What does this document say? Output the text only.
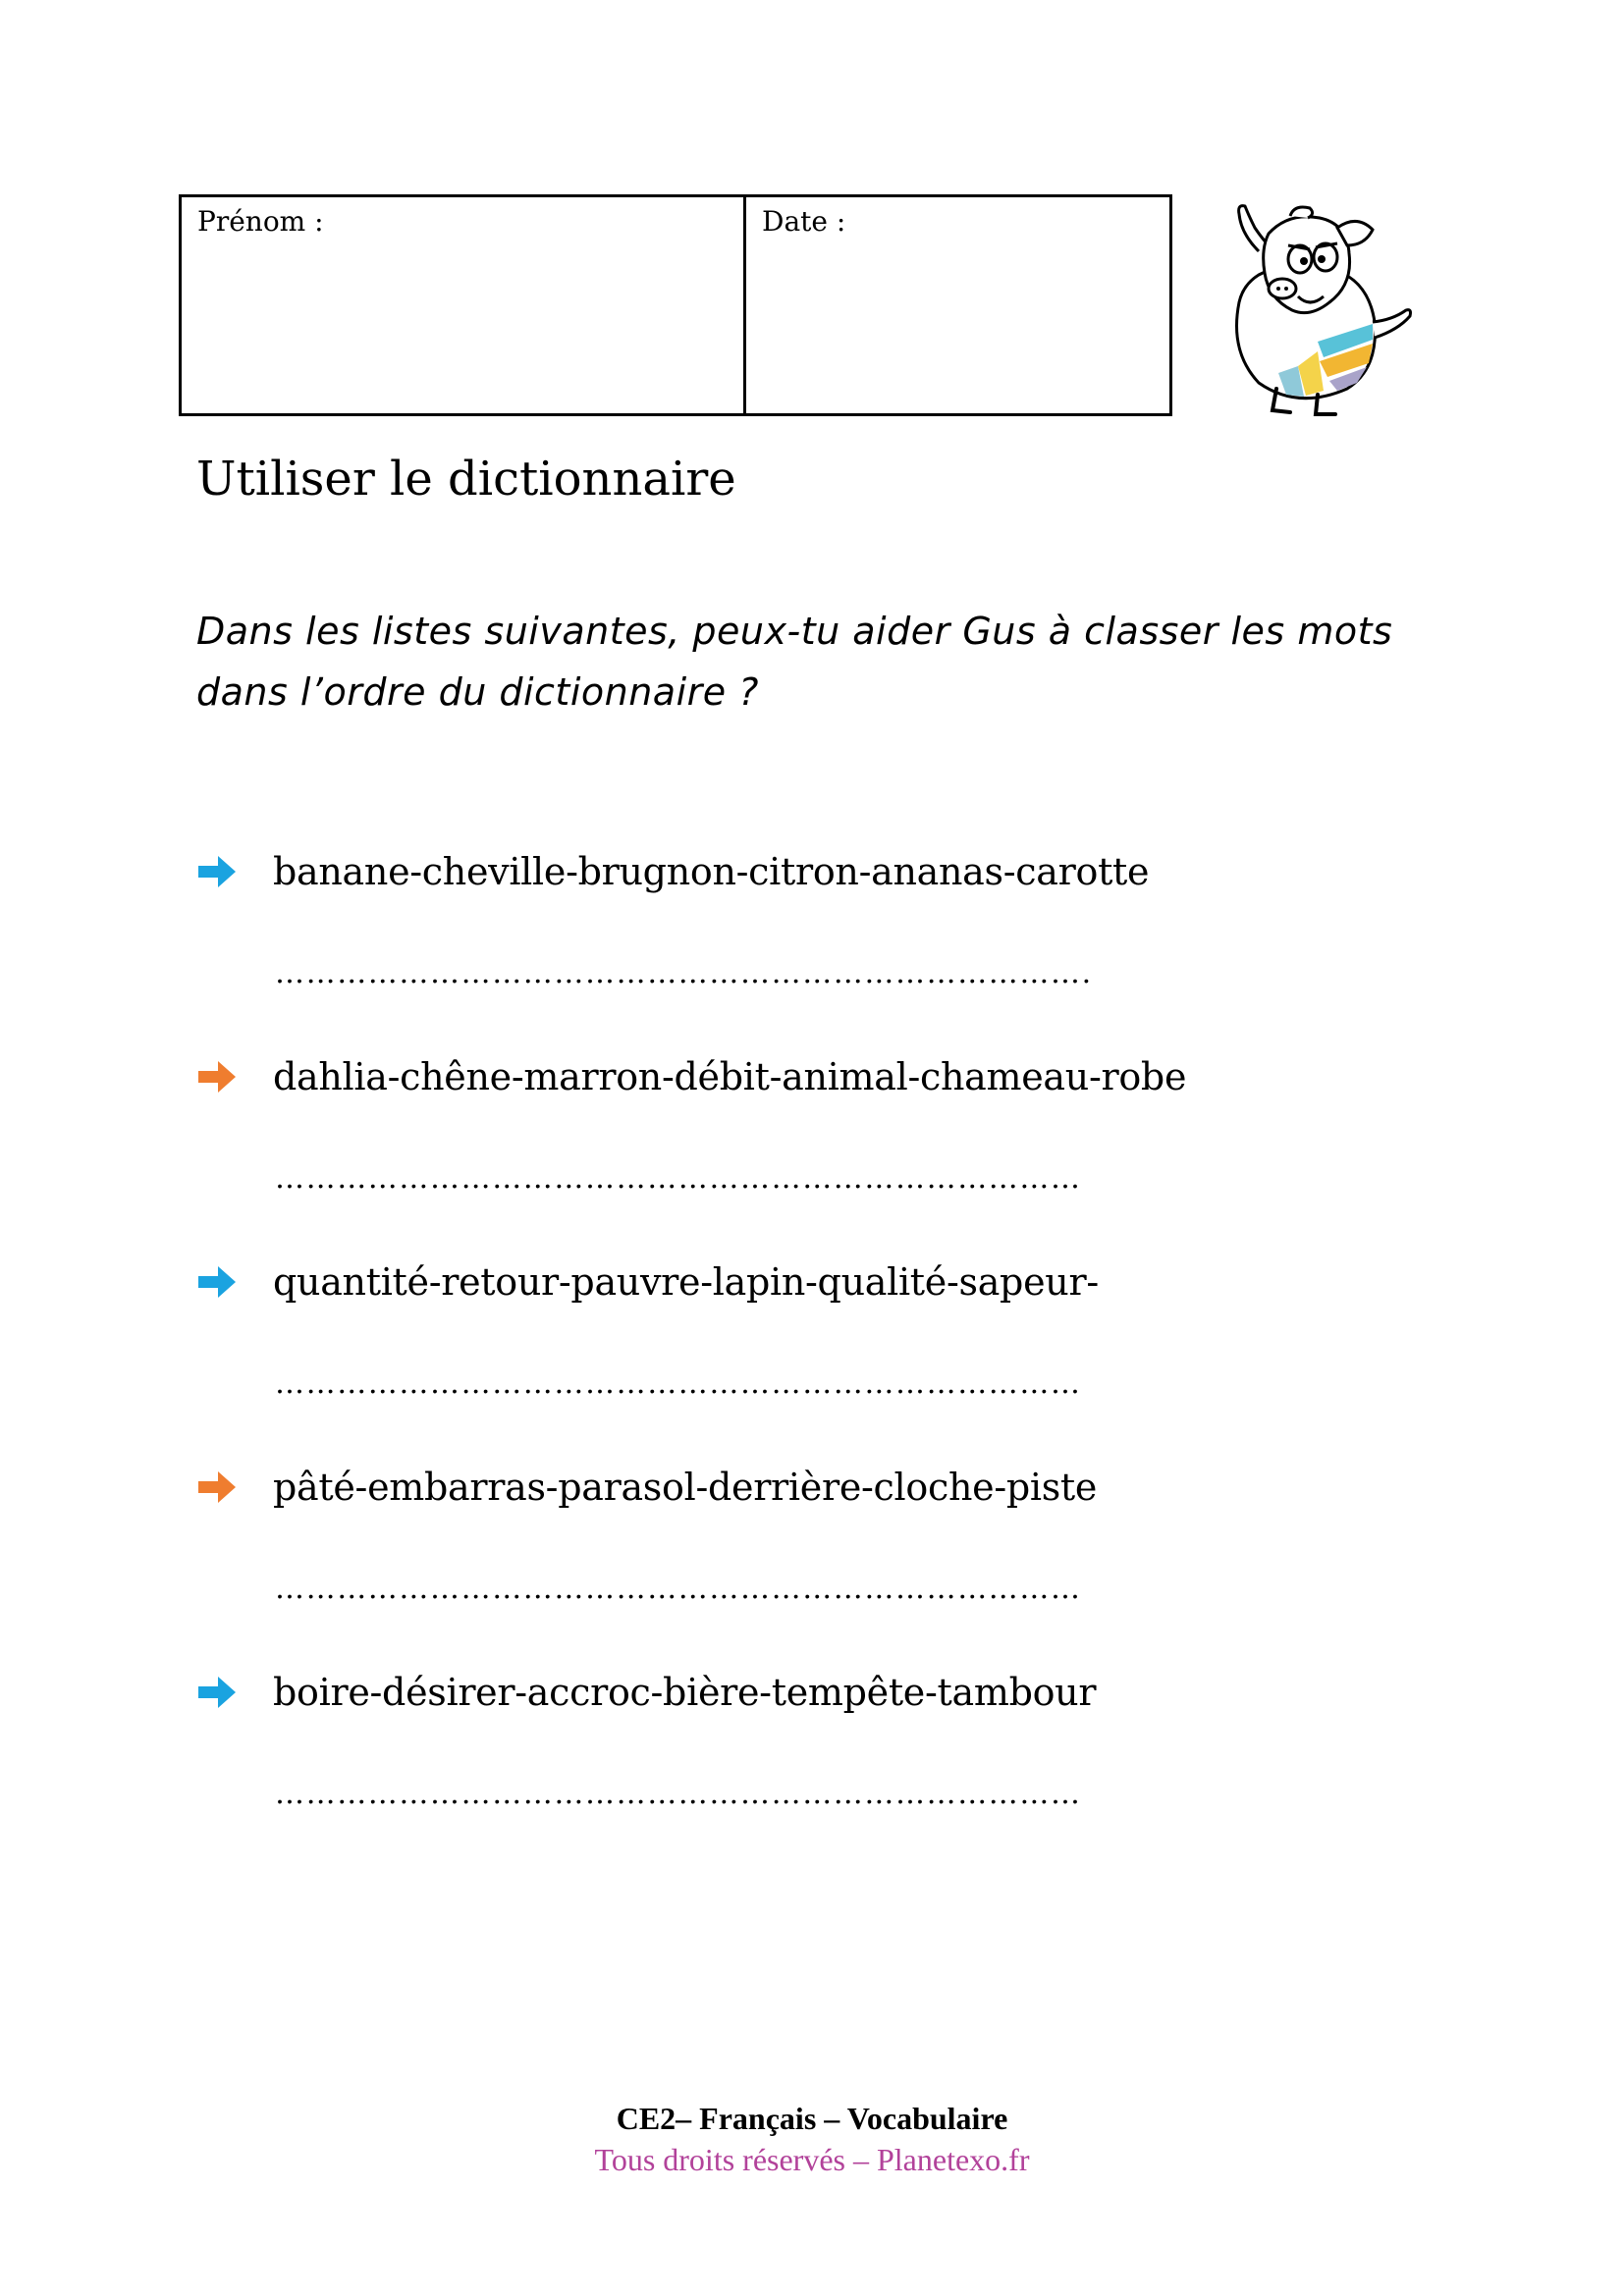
Prénom :	Date :
Utiliser le dictionnaire

Dans les listes suivantes, peux-tu aider Gus à classer les mots dans l’ordre du dictionnaire ?

banane-cheville-brugnon-citron-ananas-carotte
…………………………………………………………………….
dahlia-chêne-marron-débit-animal-chameau-robe
……………………………………………………………………
quantité-retour-pauvre-lapin-qualité-sapeur-
……………………………………………………………………
pâté-embarras-parasol-derrière-cloche-piste
……………………………………………………………………
boire-désirer-accroc-bière-tempête-tambour
……………………………………………………………………
CE2– Français – Vocabulaire
Tous droits réservés – Planetexo.fr
